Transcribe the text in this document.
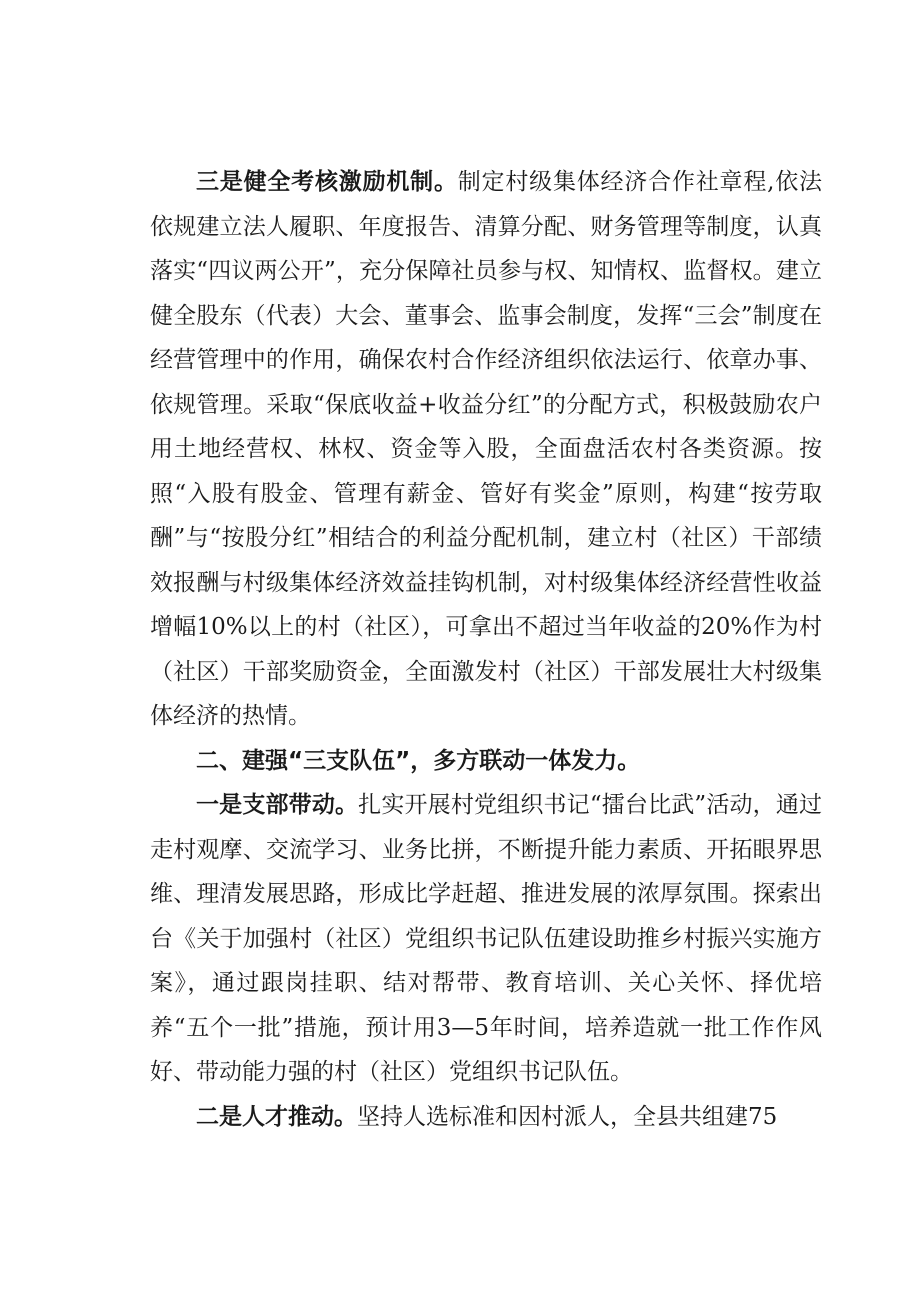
三是健全考核激励机制。制定村级集体经济合作社章程,依法依规建立法人履职、年度报告、清算分配、财务管理等制度，认真落实“四议两公开”，充分保障社员参与权、知情权、监督权。建立健全股东（代表）大会、董事会、监事会制度，发挥“三会”制度在经营管理中的作用，确保农村合作经济组织依法运行、依章办事、依规管理。采取“保底收益+收益分红”的分配方式，积极鼓励农户用土地经营权、林权、资金等入股，全面盘活农村各类资源。按照“入股有股金、管理有薪金、管好有奖金”原则，构建“按劳取酬”与“按股分红”相结合的利益分配机制，建立村（社区）干部绩效报酬与村级集体经济效益挂钩机制，对村级集体经济经营性收益增幅10%以上的村（社区），可拿出不超过当年收益的20%作为村（社区）干部奖励资金，全面激发村（社区）干部发展壮大村级集体经济的热情。

二、建强“三支队伍”，多方联动一体发力。

一是支部带动。扎实开展村党组织书记“擂台比武”活动，通过走村观摩、交流学习、业务比拼，不断提升能力素质、开拓眼界思维、理清发展思路，形成比学赶超、推进发展的浓厚氛围。探索出台《关于加强村（社区）党组织书记队伍建设助推乡村振兴实施方案》，通过跟岗挂职、结对帮带、教育培训、关心关怀、择优培养“五个一批”措施，预计用3—5年时间，培养造就一批工作作风好、带动能力强的村（社区）党组织书记队伍。

二是人才推动。坚持人选标准和因村派人，全县共组建75
